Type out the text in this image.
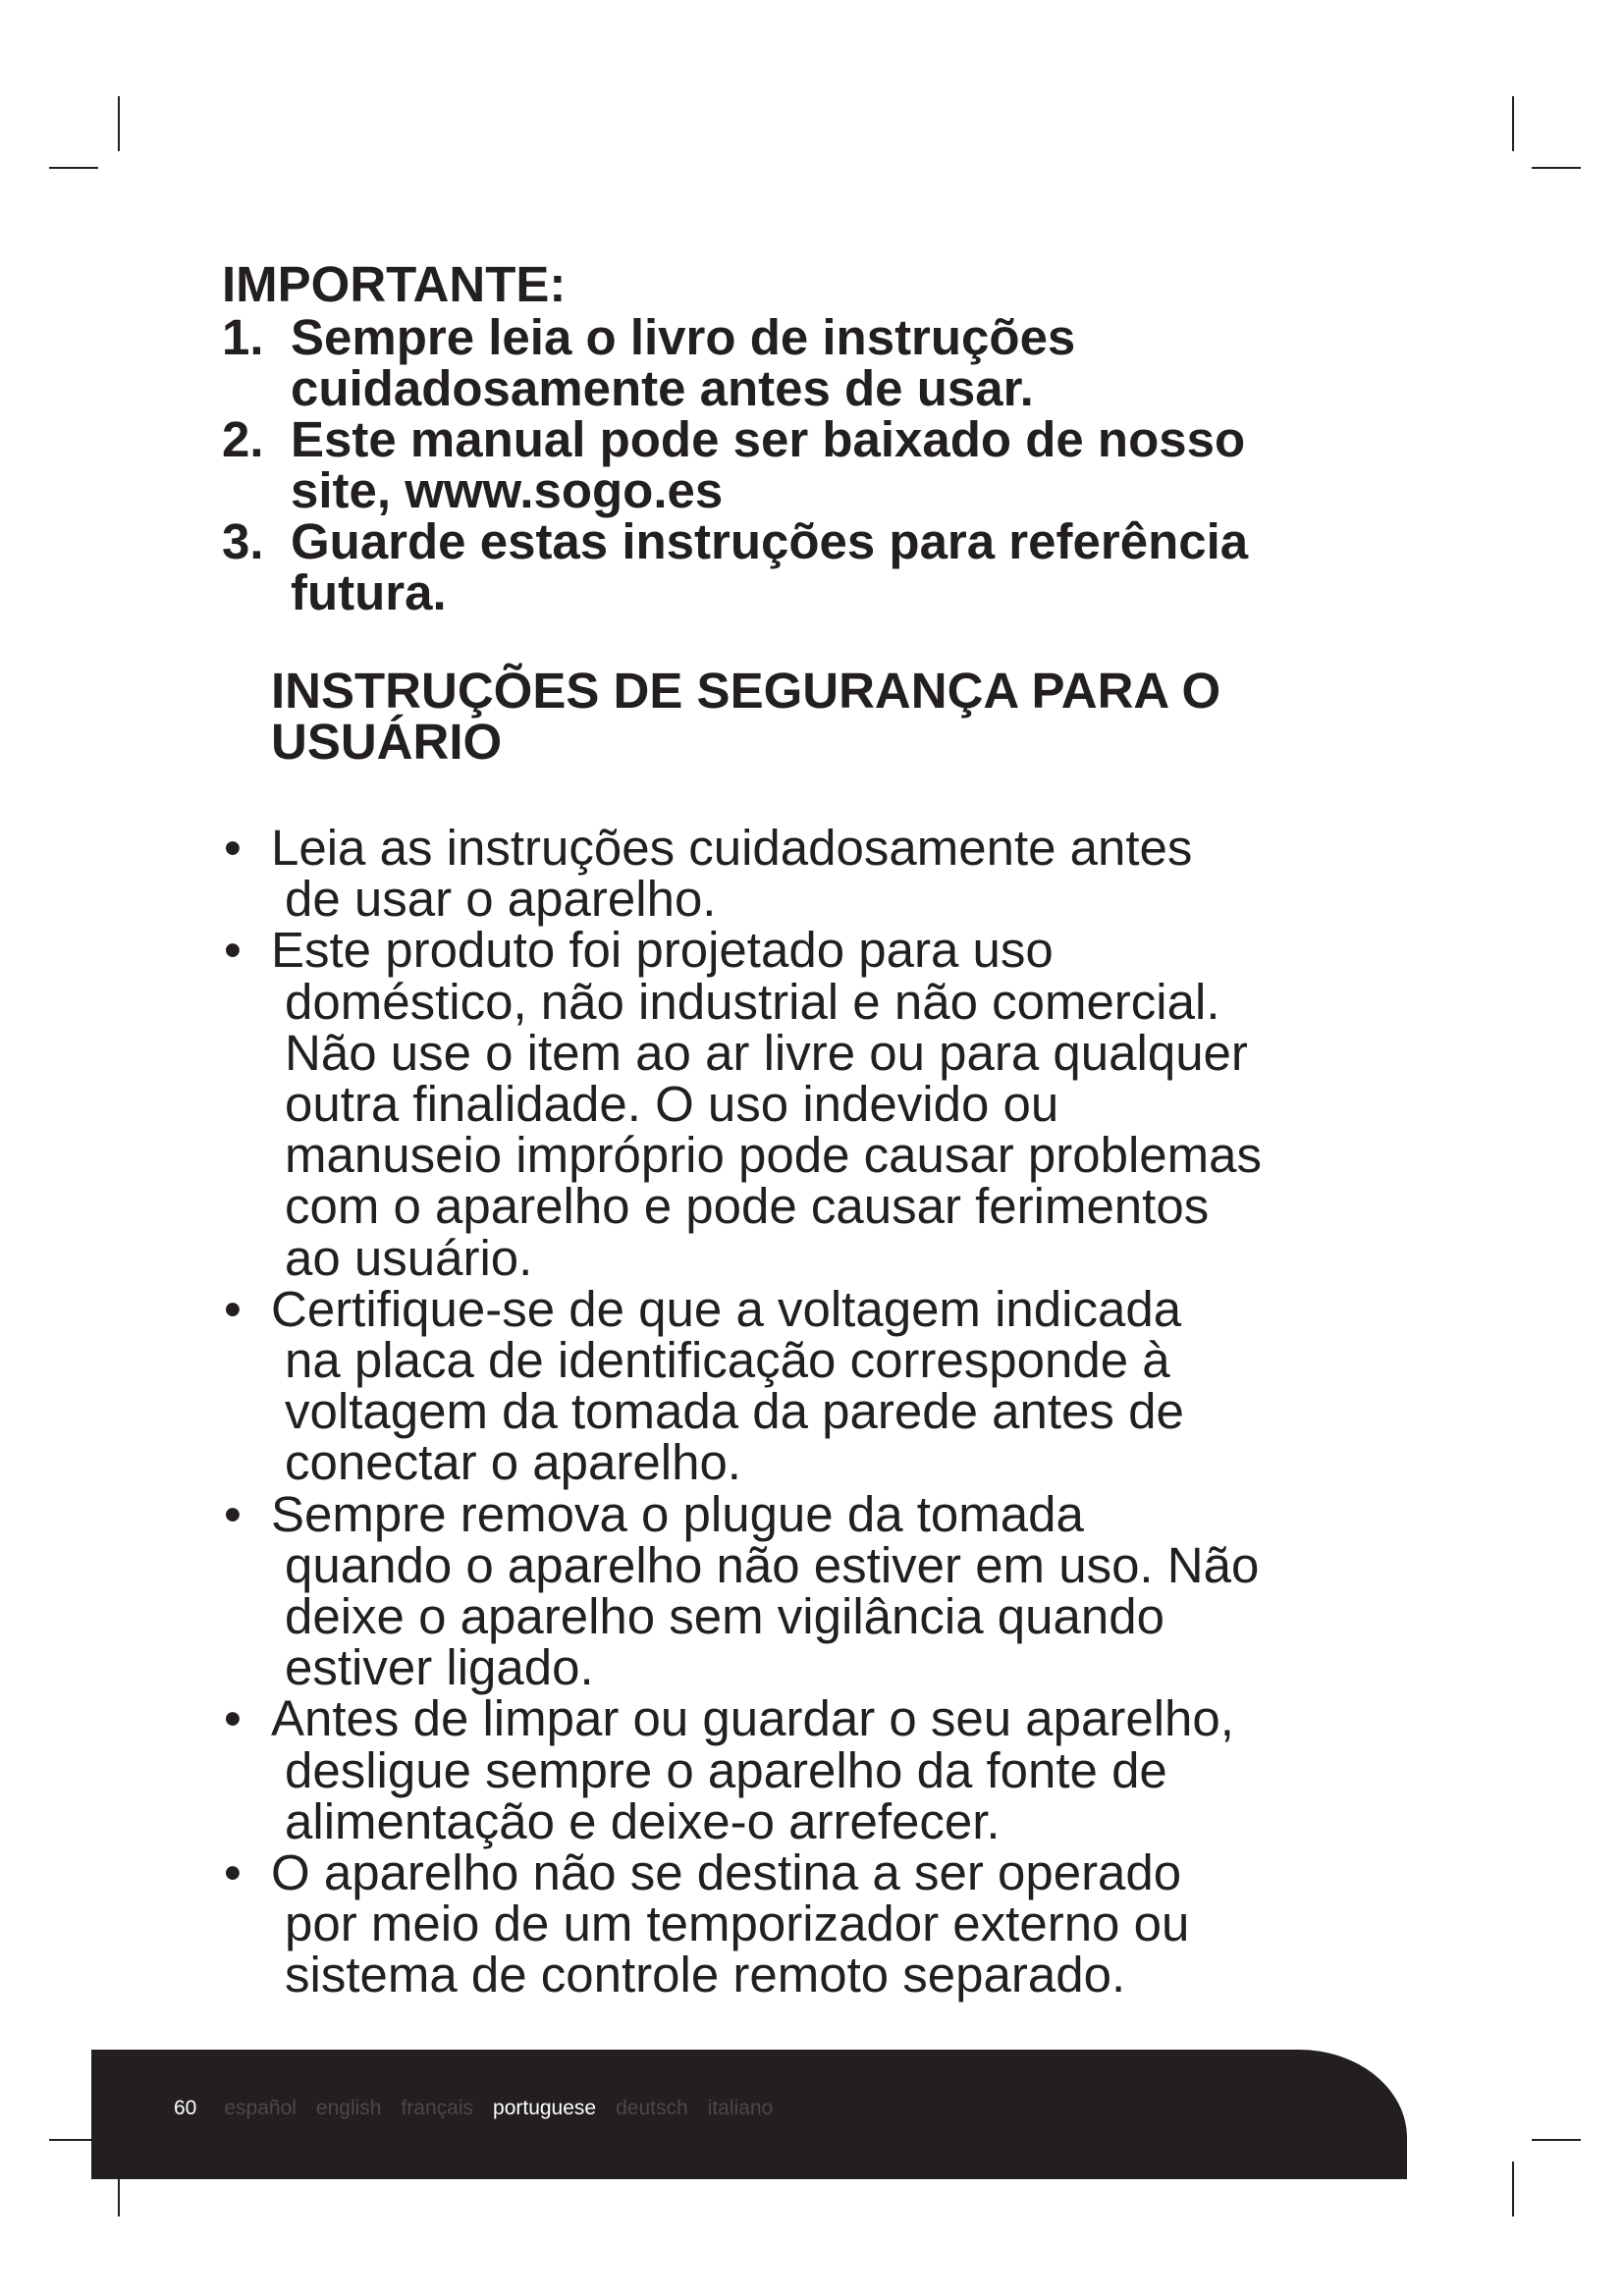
IMPORTANTE:
1. Sempre leia o livro de instruções
cuidadosamente antes de usar.
2. Este manual pode ser baixado de nosso
site, www.sogo.es
3. Guarde estas instruções para referência
futura.
INSTRUÇÕES DE SEGURANÇA PARA O
USUÁRIO
• Leia as instruções cuidadosamente antes
de usar o aparelho.
• Este produto foi projetado para uso
doméstico, não industrial e não comercial.
Não use o item ao ar livre ou para qualquer
outra finalidade. O uso indevido ou
manuseio impróprio pode causar problemas
com o aparelho e pode causar ferimentos
ao usuário.
• Certifique-se de que a voltagem indicada
na placa de identificação corresponde à
voltagem da tomada da parede antes de
conectar o aparelho.
• Sempre remova o plugue da tomada
quando o aparelho não estiver em uso. Não
deixe o aparelho sem vigilância quando
estiver ligado.
• Antes de limpar ou guardar o seu aparelho,
desligue sempre o aparelho da fonte de
alimentação e deixe-o arrefecer.
• O aparelho não se destina a ser operado
por meio de um temporizador externo ou
sistema de controle remoto separado.
60 español english français portuguese deutsch italiano
